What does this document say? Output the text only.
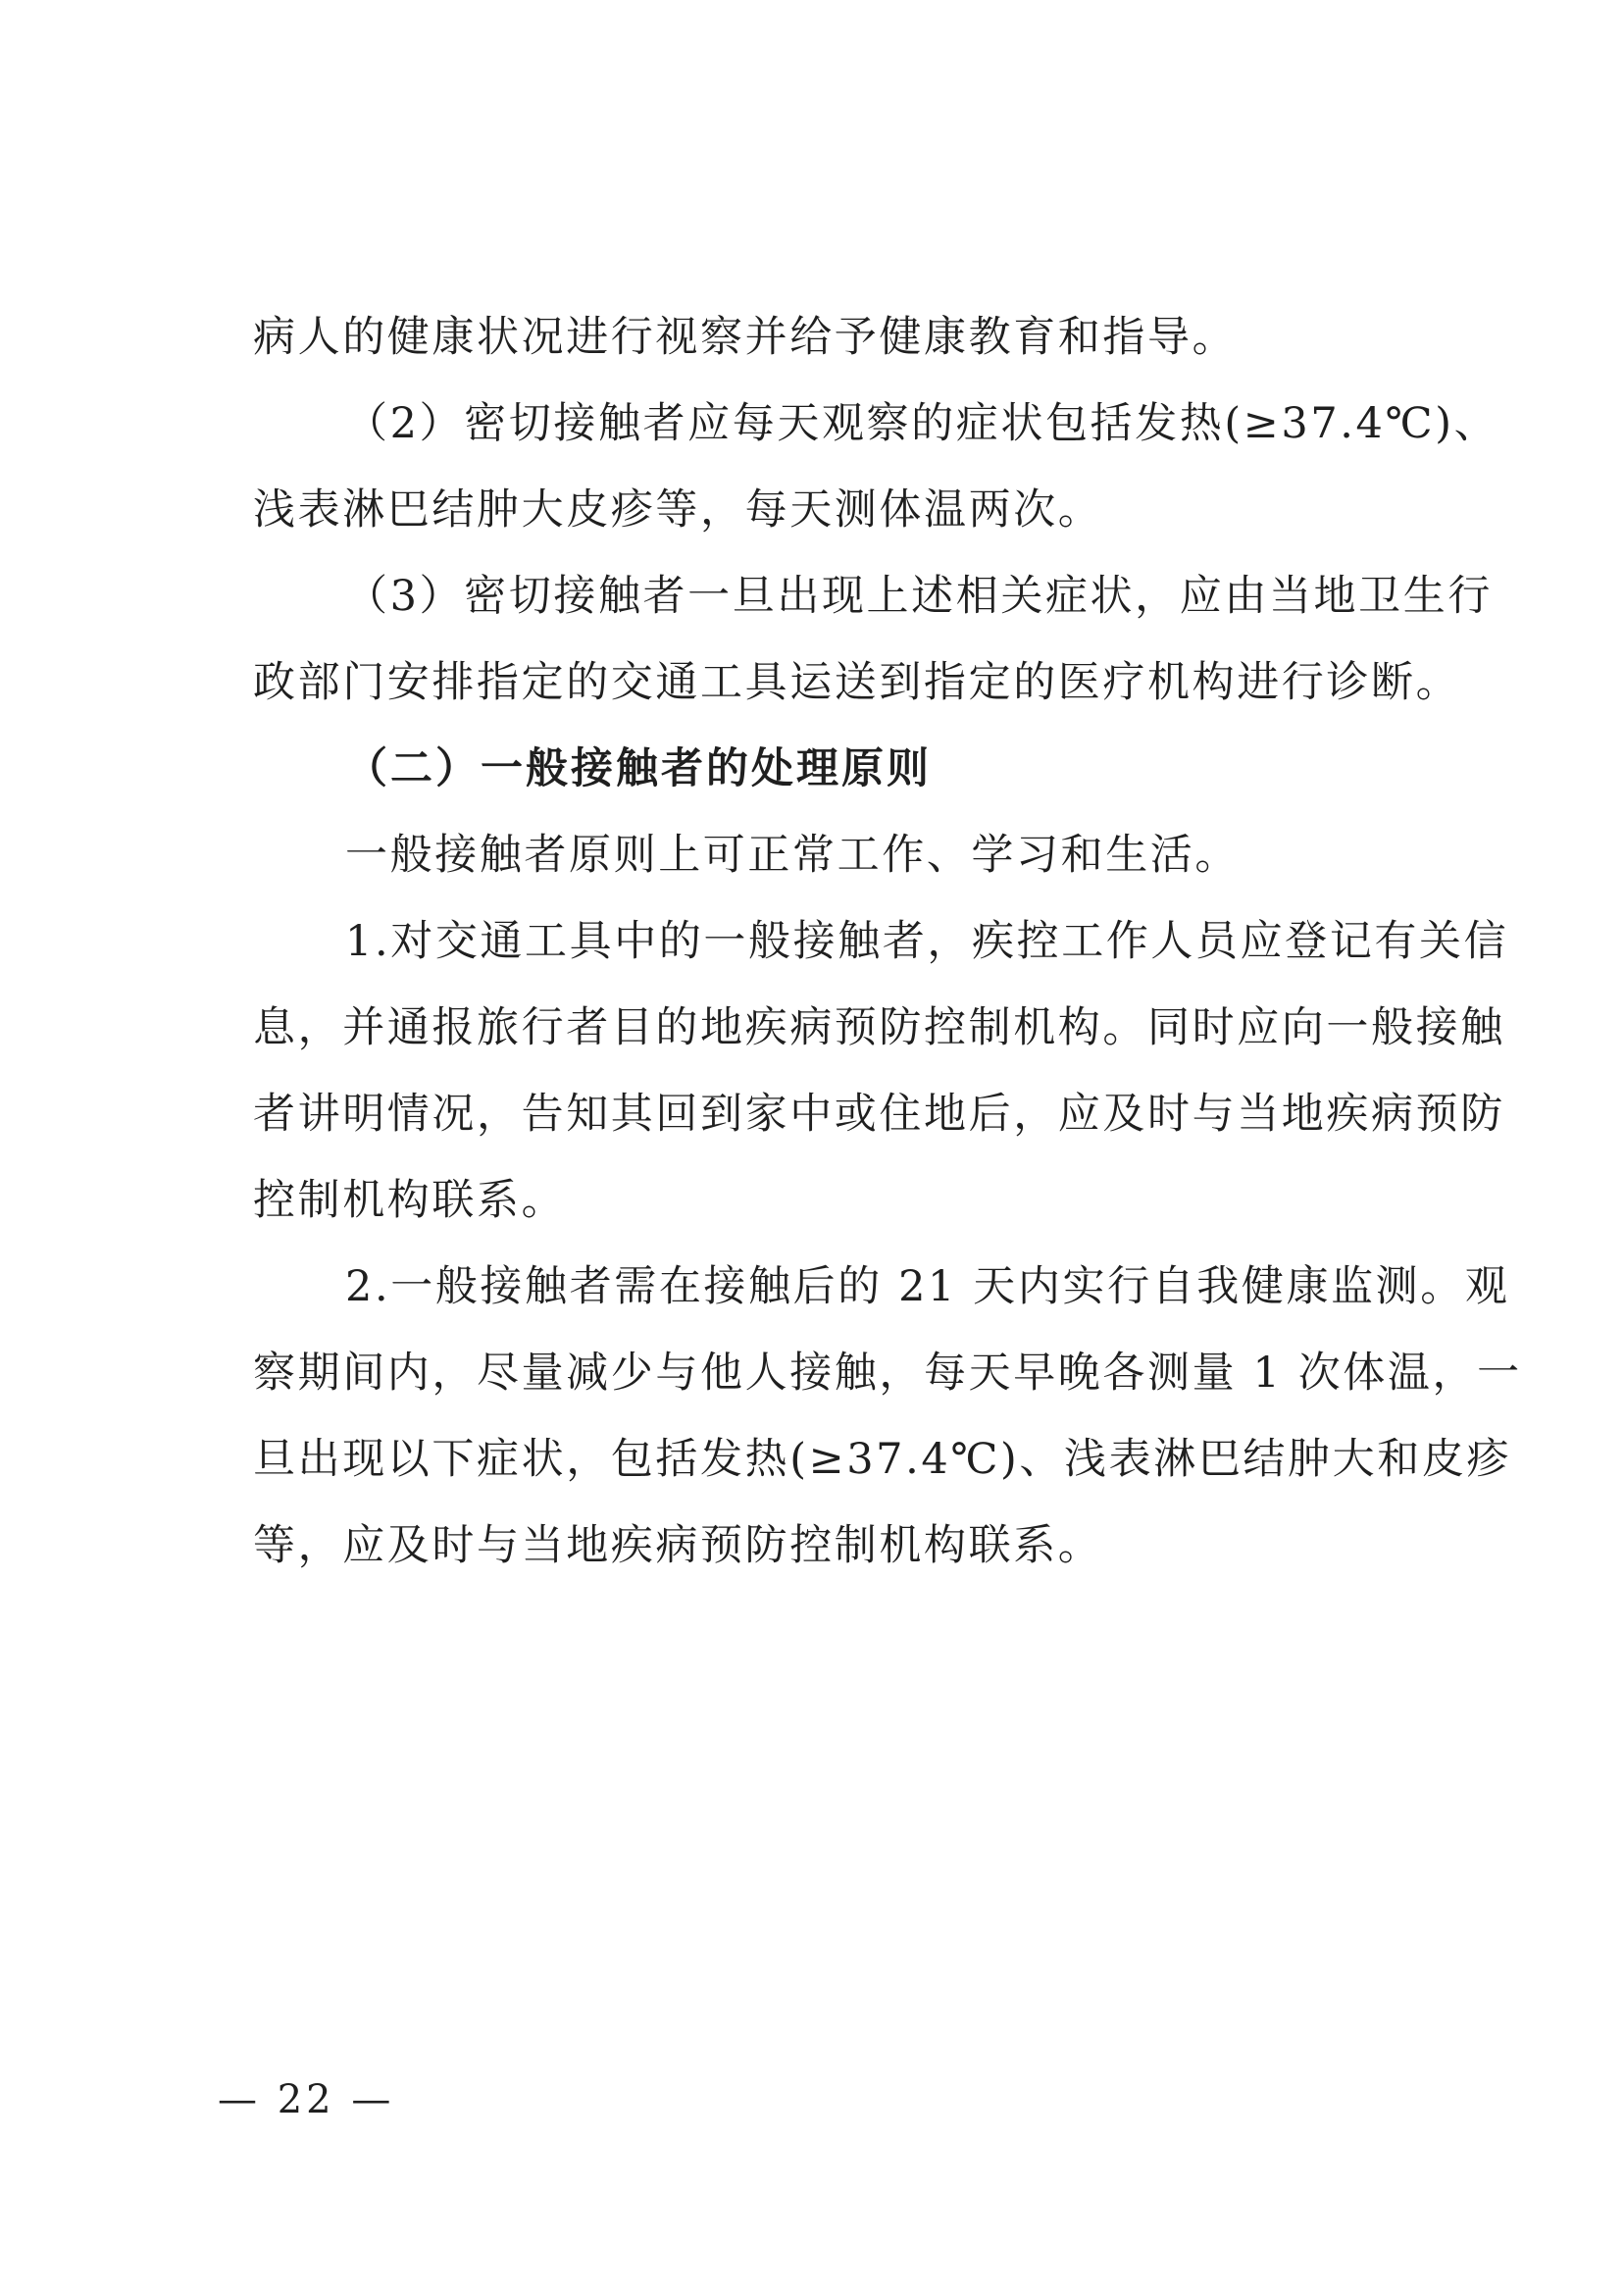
病人的健康状况进行视察并给予健康教育和指导。
（2）密切接触者应每天观察的症状包括发热(≥37.4℃)、
浅表淋巴结肿大皮疹等，每天测体温两次。
（3）密切接触者一旦出现上述相关症状，应由当地卫生行
政部门安排指定的交通工具运送到指定的医疗机构进行诊断。
（二）一般接触者的处理原则
一般接触者原则上可正常工作、学习和生活。
1.对交通工具中的一般接触者，疾控工作人员应登记有关信
息，并通报旅行者目的地疾病预防控制机构。同时应向一般接触
者讲明情况，告知其回到家中或住地后，应及时与当地疾病预防
控制机构联系。
2.一般接触者需在接触后的 21 天内实行自我健康监测。观
察期间内，尽量减少与他人接触，每天早晚各测量 1 次体温，一
旦出现以下症状，包括发热(≥37.4℃)、浅表淋巴结肿大和皮疹
等，应及时与当地疾病预防控制机构联系。
— 22 —
